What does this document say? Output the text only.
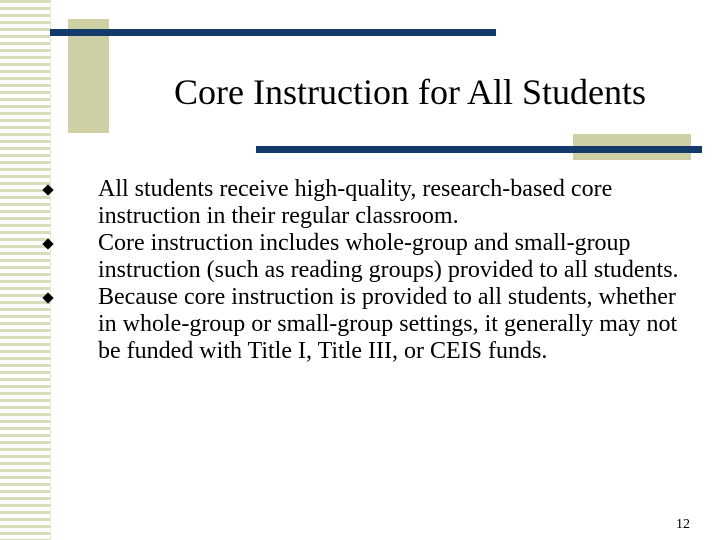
Core Instruction for All Students
All students receive high-quality, research-based core instruction in their regular classroom.
Core instruction includes whole-group and small-group instruction (such as reading groups) provided to all students.
Because core instruction is provided to all students, whether in whole-group or small-group settings, it generally may not be funded with Title I, Title III, or CEIS funds.
12
